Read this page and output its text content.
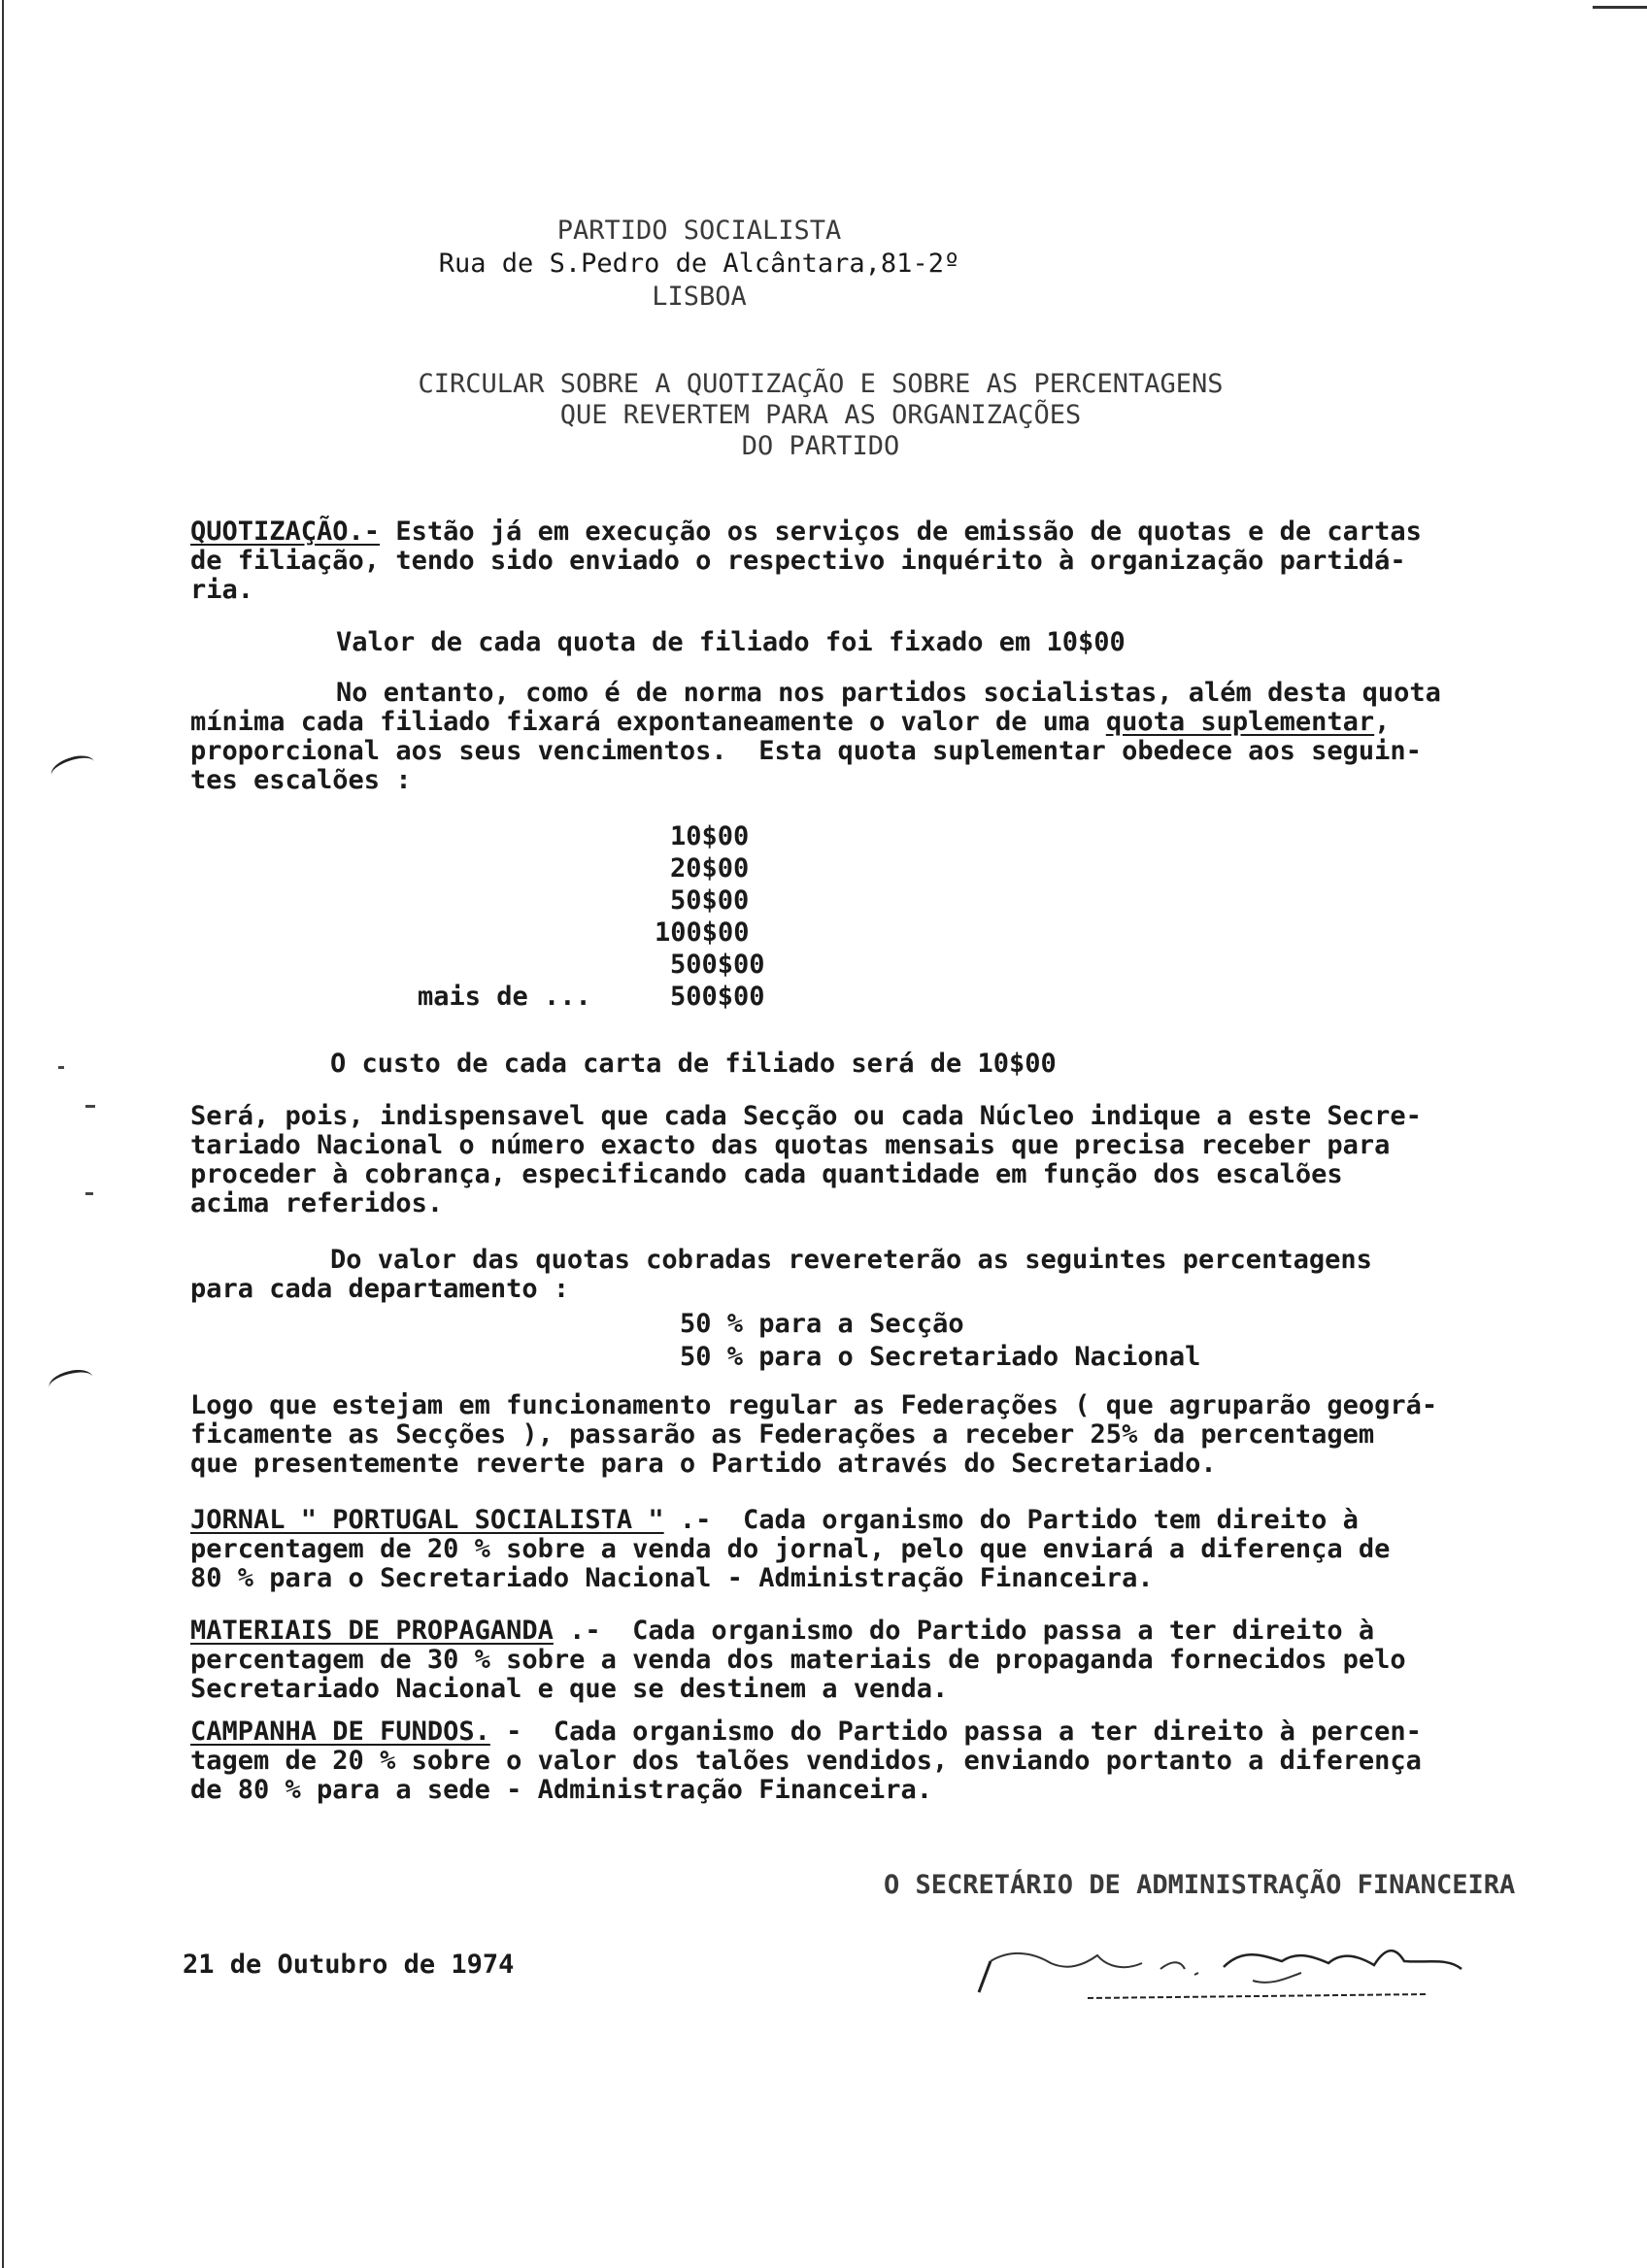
PARTIDO SOCIALISTA
Rua de S.Pedro de Alcântara,81-2º
LISBOA
CIRCULAR SOBRE A QUOTIZAÇÃO E SOBRE AS PERCENTAGENS
QUE REVERTEM PARA AS ORGANIZAÇÕES
DO PARTIDO
QUOTIZAÇÃO.- Estão já em execução os serviços de emissão de quotas e de cartas
de filiação, tendo sido enviado o respectivo inquérito à organização partidá-
ria.
Valor de cada quota de filiado foi fixado em 10$00
No entanto, como é de norma nos partidos socialistas, além desta quota
mínima cada filiado fixará expontaneamente o valor de uma quota suplementar,
proporcional aos seus vencimentos.  Esta quota suplementar obedece aos seguin-
tes escalões :
10$00
20$00
50$00
100$00
500$00
mais de ...	500$00
O custo de cada carta de filiado será de 10$00
Será, pois, indispensavel que cada Secção ou cada Núcleo indique a este Secre-
tariado Nacional o número exacto das quotas mensais que precisa receber para
proceder à cobrança, especificando cada quantidade em função dos escalões
acima referidos.
Do valor das quotas cobradas revereterão as seguintes percentagens
para cada departamento :
50 % para a Secção
50 % para o Secretariado Nacional
Logo que estejam em funcionamento regular as Federações ( que agruparão geográ-
ficamente as Secções ), passarão as Federações a receber 25% da percentagem
que presentemente reverte para o Partido através do Secretariado.
JORNAL " PORTUGAL SOCIALISTA " .-  Cada organismo do Partido tem direito à
percentagem de 20 % sobre a venda do jornal, pelo que enviará a diferença de
80 % para o Secretariado Nacional - Administração Financeira.
MATERIAIS DE PROPAGANDA .-  Cada organismo do Partido passa a ter direito à
percentagem de 30 % sobre a venda dos materiais de propaganda fornecidos pelo
Secretariado Nacional e que se destinem a venda.
CAMPANHA DE FUNDOS. -  Cada organismo do Partido passa a ter direito à percen-
tagem de 20 % sobre o valor dos talões vendidos, enviando portanto a diferença
de 80 % para a sede - Administração Financeira.
O SECRETÁRIO DE ADMINISTRAÇÃO FINANCEIRA
21 de Outubro de 1974
